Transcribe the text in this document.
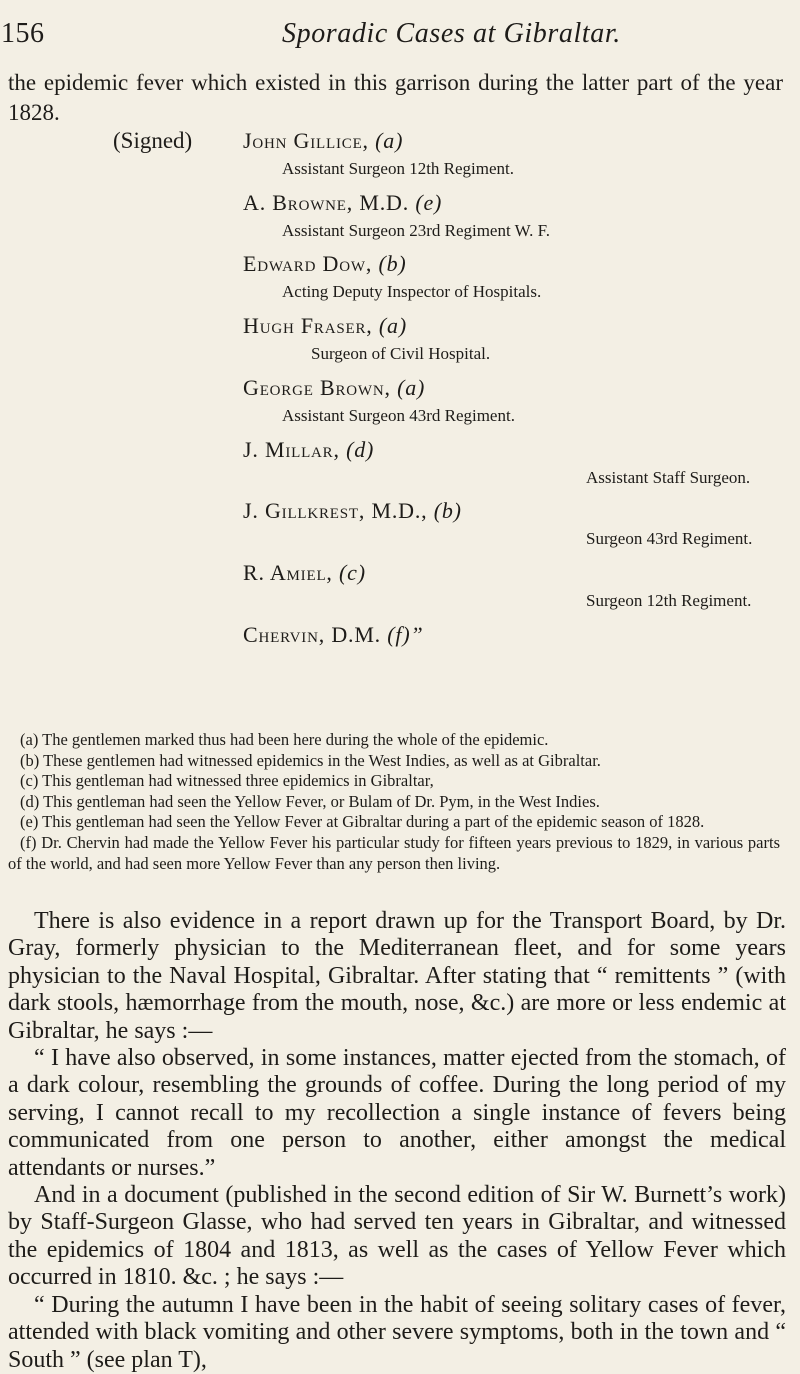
156	Sporadic Cases at Gibraltar.

the epidemic fever which existed in this garrison during the latter part of the year 1828.

(Signed) John Gillice, (a)
Assistant Surgeon 12th Regiment.
A. Browne, M.D. (e)
Assistant Surgeon 23rd Regiment W. F.
Edward Dow, (b)
Acting Deputy Inspector of Hospitals.
Hugh Fraser, (a)
Surgeon of Civil Hospital.
George Brown, (a)
Assistant Surgeon 43rd Regiment.
J. Millar, (d)
Assistant Staff Surgeon.
J. Gillkrest, M.D., (b)
Surgeon 43rd Regiment.
R. Amiel, (c)
Surgeon 12th Regiment.
Chervin, D.M. (f)”

(a) The gentlemen marked thus had been here during the whole of the epidemic.

(b) These gentlemen had witnessed epidemics in the West Indies, as well as at Gibraltar.

(c) This gentleman had witnessed three epidemics in Gibraltar,

(d) This gentleman had seen the Yellow Fever, or Bulam of Dr. Pym, in the West Indies.

(e) This gentleman had seen the Yellow Fever at Gibraltar during a part of the epidemic season of 1828.

(f) Dr. Chervin had made the Yellow Fever his particular study for fifteen years previous to 1829, in various parts of the world, and had seen more Yellow Fever than any person then living.

There is also evidence in a report drawn up for the Transport Board, by Dr. Gray, formerly physician to the Mediterranean fleet, and for some years physician to the Naval Hospital, Gibraltar. After stating that “ remittents ” (with dark stools, hæmorrhage from the mouth, nose, &c.) are more or less endemic at Gibraltar, he says :—

“ I have also observed, in some instances, matter ejected from the stomach, of a dark colour, resembling the grounds of coffee. During the long period of my serving, I cannot recall to my recollection a single instance of fevers being communicated from one person to another, either amongst the medical attendants or nurses.”

And in a document (published in the second edition of Sir W. Burnett’s work) by Staff-Surgeon Glasse, who had served ten years in Gibraltar, and witnessed the epidemics of 1804 and 1813, as well as the cases of Yellow Fever which occurred in 1810. &c. ; he says :—

“ During the autumn I have been in the habit of seeing solitary cases of fever, attended with black vomiting and other severe symptoms, both in the town and “ South ” (see plan T),
